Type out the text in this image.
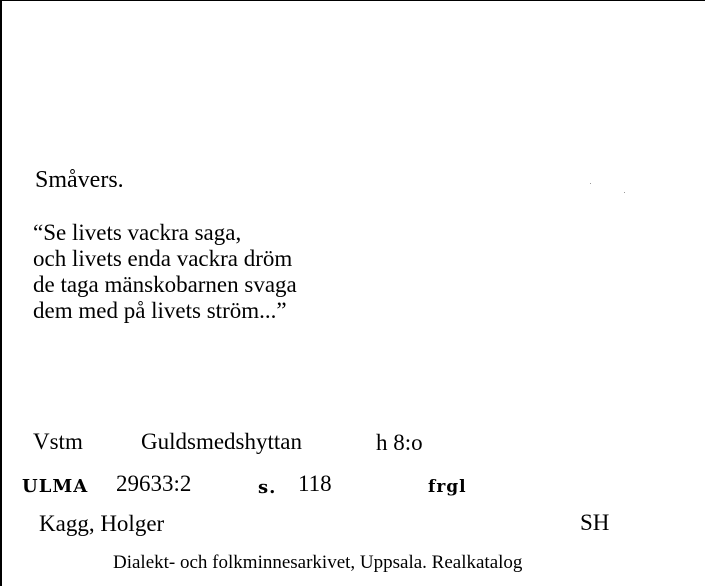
Småvers.
“Se livets vackra saga,
och livets enda vackra dröm
de taga mänskobarnen svaga
dem med på livets ström...”
Vstm	Guldsmedshyttan	h 8:o
ULMA 29633:2	s. 118	frgl
Kagg, Holger	SH
Dialekt- och folkminnesarkivet, Uppsala. Realkatalog
